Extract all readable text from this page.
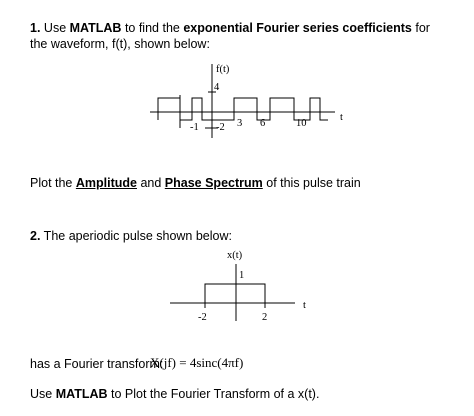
1. Use MATLAB to find the exponential Fourier series coefficients for the waveform, f(t), shown below:
f(t)
4
-2
t
-1	3 6	10
Plot the Amplitude and Phase Spectrum of this pulse train
2. The aperiodic pulse shown below:
x(t)
1
t
-2	2
has a Fourier transform:
X(jf) = 4sinc(4πf)
Use MATLAB to Plot the Fourier Transform of a x(t).
